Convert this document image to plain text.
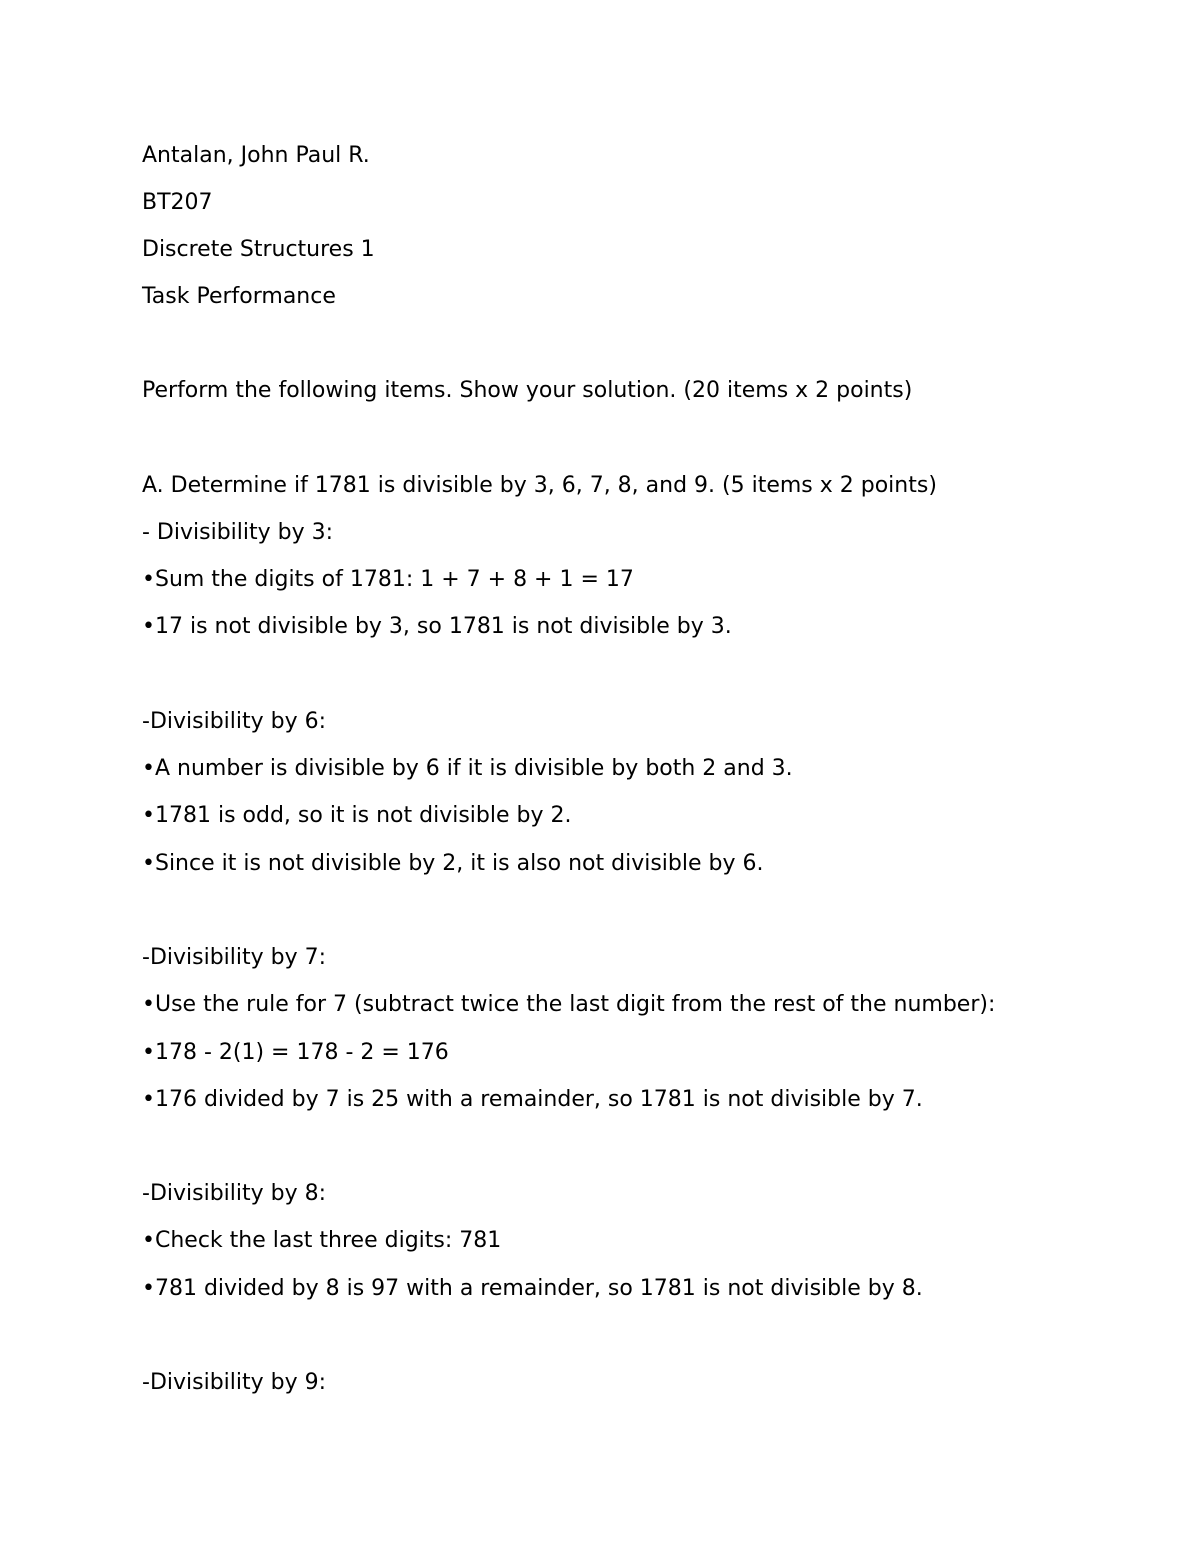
Antalan, John Paul R.

BT207

Discrete Structures 1

Task Performance

Perform the following items. Show your solution. (20 items x 2 points)

A. Determine if 1781 is divisible by 3, 6, 7, 8, and 9. (5 items x 2 points)

- Divisibility by 3:

•Sum the digits of 1781: 1 + 7 + 8 + 1 = 17

•17 is not divisible by 3, so 1781 is not divisible by 3.

-Divisibility by 6:

•A number is divisible by 6 if it is divisible by both 2 and 3.

•1781 is odd, so it is not divisible by 2.

•Since it is not divisible by 2, it is also not divisible by 6.

-Divisibility by 7:

•Use the rule for 7 (subtract twice the last digit from the rest of the number):

•178 - 2(1) = 178 - 2 = 176

•176 divided by 7 is 25 with a remainder, so 1781 is not divisible by 7.

-Divisibility by 8:

•Check the last three digits: 781

•781 divided by 8 is 97 with a remainder, so 1781 is not divisible by 8.

-Divisibility by 9:
